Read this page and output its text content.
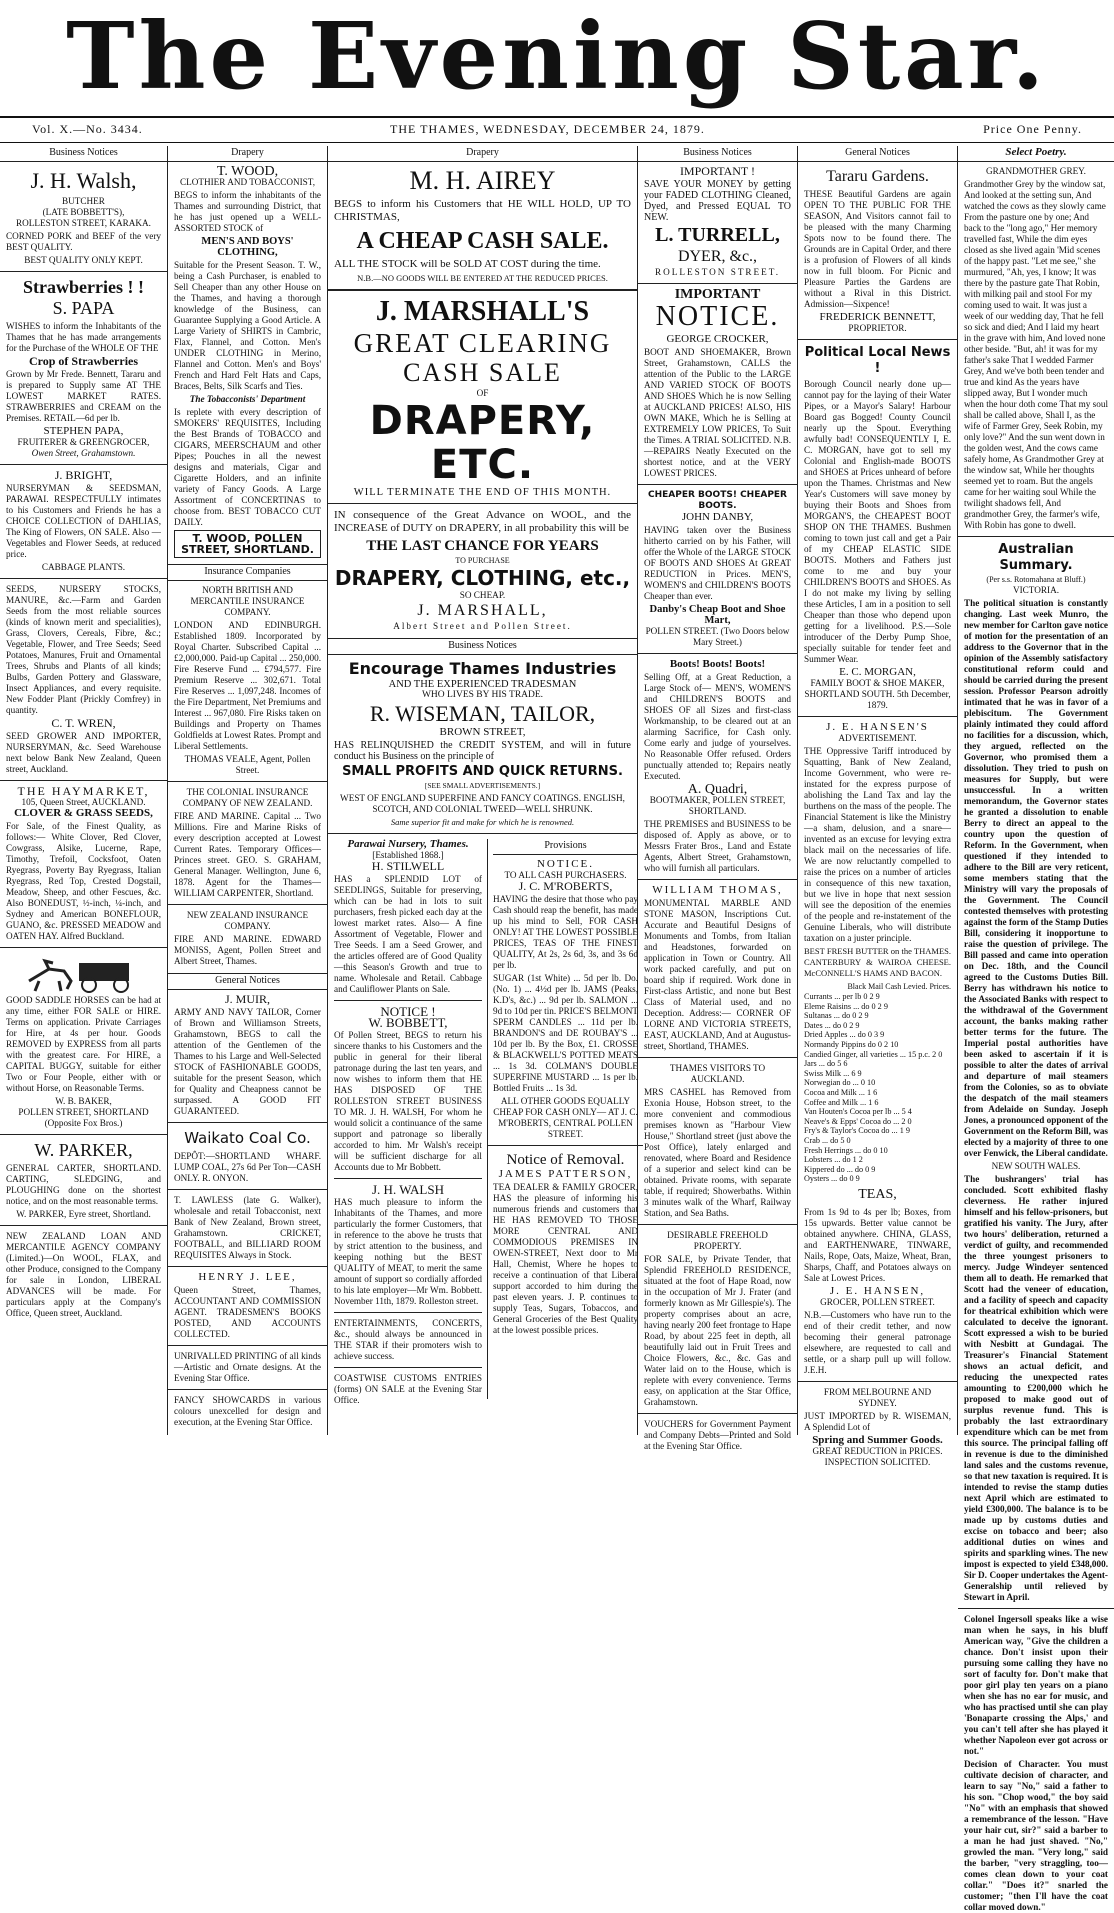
The Evening Star.
Vol. X.—No. 3434.	THE THAMES, WEDNESDAY, DECEMBER 24, 1879.	Price One Penny.
Business Notices
J. H. Walsh,
BUTCHER
(LATE BOBBETT'S),
ROLLESTON STREET, KARAKA.

CORNED PORK and BEEF of the very BEST QUALITY.

BEST QUALITY ONLY KEPT.
Strawberries ! !
S. PAPA

WISHES to inform the Inhabitants of the Thames that he has made arrangements for the Purchase of the WHOLE OF THE

Crop of Strawberries

Grown by Mr Frede. Bennett, Tararu and is prepared to Supply same AT THE LOWEST MARKET RATES. STRAWBERRIES and CREAM on the Premises. RETAIL—6d per lb.

STEPHEN PAPA,
FRUITERER & GREENGROCER,
Owen Street, Grahamstown.
J. BRIGHT,

NURSERYMAN & SEEDSMAN, PARAWAI. RESPECTFULLY intimates to his Customers and Friends he has a CHOICE COLLECTION of DAHLIAS, The King of Flowers, ON SALE. Also — Vegetables and Flower Seeds, at reduced price.

CABBAGE PLANTS.

SEEDS, NURSERY STOCKS, MANURE, &c.—Farm and Garden Seeds from the most reliable sources (kinds of known merit and specialities), Grass, Clovers, Cereals, Fibre, &c.; Vegetable, Flower, and Tree Seeds; Seed Potatoes, Manures, Fruit and Ornamental Trees, Shrubs and Plants of all kinds; Bulbs, Garden Pottery and Glassware, Insect Appliances, and every requisite. New Fodder Plant (Prickly Comfrey) in quantity.

C. T. WREN,

SEED GROWER AND IMPORTER, NURSERYMAN, &c. Seed Warehouse next below Bank New Zealand, Queen street, Auckland.

THE HAYMARKET,
105, Queen Street, AUCKLAND.
CLOVER & GRASS SEEDS,

For Sale, of the Finest Quality, as follows:— White Clover, Red Clover, Cowgrass, Alsike, Lucerne, Rape, Timothy, Trefoil, Cocksfoot, Oaten Ryegrass, Poverty Bay Ryegrass, Italian Ryegrass, Red Top, Crested Dogstail, Meadow, Sheep, and other Fescues, &c. Also BONEDUST, ½-inch, ¼-inch, and Sydney and American BONEFLOUR, GUANO, &c. PRESSED MEADOW and OATEN HAY. Alfred Buckland.

GOOD SADDLE HORSES can be had at any time, either FOR SALE or HIRE. Terms on application. Private Carriages for Hire, at 4s per hour. Goods REMOVED by EXPRESS from all parts with the greatest care. For HIRE, a CAPITAL BUGGY, suitable for either Two or Four People, either with or without Horse, on Reasonable Terms.

W. B. BAKER,
POLLEN STREET, SHORTLAND (Opposite Fox Bros.)
W. PARKER,

GENERAL CARTER, SHORTLAND. CARTING, SLEDGING, and PLOUGHING done on the shortest notice, and on the most reasonable terms.

W. PARKER, Eyre street, Shortland.

NEW ZEALAND LOAN AND MERCANTILE AGENCY COMPANY (Limited.)—On WOOL, FLAX, and other Produce, consigned to the Company for sale in London, LIBERAL ADVANCES will be made. For particulars apply at the Company's Office, Queen street, Auckland.

Drapery
T. WOOD,
CLOTHIER AND TOBACCONIST,

BEGS to inform the inhabitants of the Thames and surrounding District, that he has just opened up a WELL-ASSORTED STOCK of

MEN'S AND BOYS' CLOTHING,

Suitable for the Present Season. T. W., being a Cash Purchaser, is enabled to Sell Cheaper than any other House on the Thames, and having a thorough knowledge of the Business, can Guarantee Supplying a Good Article. A Large Variety of SHIRTS in Cambric, Flax, Flannel, and Cotton. Men's UNDER CLOTHING in Merino, Flannel and Cotton. Men's and Boys' French and Hard Felt Hats and Caps, Braces, Belts, Silk Scarfs and Ties.

The Tobacconists' Department

Is replete with every description of SMOKERS' REQUISITES, Including the Best Brands of TOBACCO and CIGARS, MEERSCHAUM and other Pipes; Pouches in all the newest designs and materials, Cigar and Cigarette Holders, and an infinite variety of Fancy Goods. A Large Assortment of CONCERTINAS to choose from. BEST TOBACCO CUT DAILY.

T. WOOD, POLLEN STREET, SHORTLAND.
Insurance Companies
NORTH BRITISH AND MERCANTILE INSURANCE COMPANY.

LONDON AND EDINBURGH. Established 1809. Incorporated by Royal Charter. Subscribed Capital ... £2,000,000. Paid-up Capital ... 250,000. Fire Reserve Fund ... £794,577. Fire Premium Reserve ... 302,671. Total Fire Reserves ... 1,097,248. Incomes of the Fire Department, Net Premiums and Interest ... 967,080. Fire Risks taken on Buildings and Property on Thames Goldfields at Lowest Rates. Prompt and Liberal Settlements.

THOMAS VEALE, Agent, Pollen Street.
THE COLONIAL INSURANCE COMPANY OF NEW ZEALAND.

FIRE AND MARINE. Capital ... Two Millions. Fire and Marine Risks of every description accepted at Lowest Current Rates. Temporary Offices—Princes street. GEO. S. GRAHAM, General Manager. Wellington, June 6, 1878. Agent for the Thames— WILLIAM CARPENTER, Shortland.

NEW ZEALAND INSURANCE COMPANY.

FIRE AND MARINE. EDWARD MONISS, Agent, Pollen Street and Albert Street, Thames.

General Notices
J. MUIR,

ARMY AND NAVY TAILOR, Corner of Brown and Williamson Streets, Grahamstown, BEGS to call the attention of the Gentlemen of the Thames to his Large and Well-Selected STOCK of FASHIONABLE GOODS, suitable for the present Season, which for Quality and Cheapness cannot be surpassed. A GOOD FIT GUARANTEED.

Waikato Coal Co.

DEPÔT:—SHORTLAND WHARF. LUMP COAL, 27s 6d Per Ton—CASH ONLY. R. ONYON.

T. LAWLESS (late G. Walker), wholesale and retail Tobacconist, next Bank of New Zealand, Brown street, Grahamstown. CRICKET, FOOTBALL, and BILLIARD ROOM REQUISITES Always in Stock.

HENRY J. LEE,

Queen Street, Thames, ACCOUNTANT AND COMMISSION AGENT. TRADESMEN'S BOOKS POSTED, AND ACCOUNTS COLLECTED.

UNRIVALLED PRINTING of all kinds—Artistic and Ornate designs. At the Evening Star Office.

FANCY SHOWCARDS in various colours unexcelled for design and execution, at the Evening Star Office.

Drapery
M. H. AIREY

BEGS to inform his Customers that HE WILL HOLD, UP TO CHRISTMAS,

A CHEAP CASH SALE.

ALL THE STOCK will be SOLD AT COST during the time.

N.B.—NO GOODS WILL BE ENTERED AT THE REDUCED PRICES.
J. MARSHALL'S
GREAT CLEARING
CASH SALE
OF
DRAPERY, ETC.
WILL TERMINATE THE END OF THIS MONTH.

IN consequence of the Great Advance on WOOL, and the INCREASE of DUTY on DRAPERY, in all probability this will be

THE LAST CHANCE FOR YEARS
TO PURCHASE
DRAPERY, CLOTHING, etc.,
SO CHEAP.
J. MARSHALL,
Albert Street and Pollen Street.
Business Notices
Encourage Thames Industries
AND THE EXPERIENCED TRADESMAN
WHO LIVES BY HIS TRADE.
R. WISEMAN, TAILOR,
BROWN STREET,

HAS RELINQUISHED the CREDIT SYSTEM, and will in future conduct his Business on the principle of

SMALL PROFITS AND QUICK RETURNS.
[SEE SMALL ADVERTISEMENTS.]

WEST OF ENGLAND SUPERFINE AND FANCY COATINGS. ENGLISH, SCOTCH, AND COLONIAL TWEED—WELL SHRUNK.

Same superior fit and make for which he is renowned.
Parawai Nursery, Thames.
[Established 1868.]
H. STILWELL

HAS a SPLENDID LOT of SEEDLINGS, Suitable for preserving, which can be had in lots to suit purchasers, fresh picked each day at the lowest market rates. Also— A fine Assortment of Vegetable, Flower and Tree Seeds. I am a Seed Grower, and the articles offered are of Good Quality—this Season's Growth and true to name. Wholesale and Retail. Cabbage and Cauliflower Plants on Sale.

NOTICE !
W. BOBBETT,

Of Pollen Street, BEGS to return his sincere thanks to his Customers and the public in general for their liberal patronage during the last ten years, and now wishes to inform them that HE HAS DISPOSED OF THE ROLLESTON STREET BUSINESS TO MR. J. H. WALSH, For whom he would solicit a continuance of the same support and patronage so liberally accorded to him. Mr Walsh's receipt will be sufficient discharge for all Accounts due to Mr Bobbett.

J. H. WALSH

HAS much pleasure to inform the Inhabitants of the Thames, and more particularly the former Customers, that in reference to the above he trusts that by strict attention to the business, and keeping nothing but the BEST QUALITY of MEAT, to merit the same amount of support so cordially afforded to his late employer—Mr Wm. Bobbett. November 11th, 1879. Rolleston street.

ENTERTAINMENTS, CONCERTS, &c., should always be announced in THE STAR if their promoters wish to achieve success.

COASTWISE CUSTOMS ENTRIES (forms) ON SALE at the Evening Star Office.

Provisions
NOTICE.
TO ALL CASH PURCHASERS.
J. C. M'ROBERTS,

HAVING the desire that those who pay Cash should reap the benefit, has made up his mind to Sell, FOR CASH ONLY! AT THE LOWEST POSSIBLE PRICES, TEAS OF THE FINEST QUALITY, At 2s, 2s 6d, 3s, and 3s 6d per lb.

SUGAR (1st White) ... 5d per lb. Do. (No. 1) ... 4½d per lb. JAMS (Peaks, K.D's, &c.) ... 9d per lb. SALMON ... 9d to 10d per tin. PRICE'S BELMONT SPERM CANDLES ... 11d per lb. BRANDON'S and DE ROUBAY'S ... 10d per lb. By the Box, £1. CROSSE & BLACKWELL'S POTTED MEATS ... 1s 3d. COLMAN'S DOUBLE SUPERFINE MUSTARD ... 1s per lb. Bottled Fruits ... 1s 3d.

ALL OTHER GOODS EQUALLY CHEAP FOR CASH ONLY— AT J. C. M'ROBERTS, CENTRAL POLLEN STREET.

Notice of Removal.
JAMES PATTERSON,

TEA DEALER & FAMILY GROCER, HAS the pleasure of informing his numerous friends and customers that HE HAS REMOVED TO THOSE MORE CENTRAL AND COMMODIOUS PREMISES IN OWEN-STREET, Next door to Mr Hall, Chemist, Where he hopes to receive a continuation of that Liberal support accorded to him during the past eleven years. J. P. continues to supply Teas, Sugars, Tobaccos, and General Groceries of the Best Quality at the lowest possible prices.

Business Notices
IMPORTANT !

SAVE YOUR MONEY by getting your FADED CLOTHING Cleaned, Dyed, and Pressed EQUAL TO NEW.

L. TURRELL,
DYER, &c.,
ROLLESTON STREET.
IMPORTANT
NOTICE.
GEORGE CROCKER,

BOOT AND SHOEMAKER, Brown Street, Grahamstown, CALLS the attention of the Public to the LARGE AND VARIED STOCK OF BOOTS AND SHOES Which he is now Selling at AUCKLAND PRICES! ALSO, HIS OWN MAKE, Which he is Selling at EXTREMELY LOW PRICES, To Suit the Times. A TRIAL SOLICITED. N.B.—REPAIRS Neatly Executed on the shortest notice, and at the VERY LOWEST PRICES.

CHEAPER BOOTS! CHEAPER BOOTS.
JOHN DANBY,

HAVING taken over the Business hitherto carried on by his Father, will offer the Whole of the LARGE STOCK OF BOOTS AND SHOES At GREAT REDUCTION in Prices. MEN'S, WOMEN'S and CHILDREN'S BOOTS Cheaper than ever.

Danby's Cheap Boot and Shoe Mart,
POLLEN STREET. (Two Doors below Mary Street.)
Boots! Boots! Boots!

Selling Off, at a Great Reduction, a Large Stock of— MEN'S, WOMEN'S and CHILDREN'S BOOTS and SHOES OF all Sizes and first-class Workmanship, to be cleared out at an alarming Sacrifice, for Cash only. Come early and judge of yourselves. No Reasonable Offer refused. Orders punctually attended to; Repairs neatly Executed.

A. Quadri,
BOOTMAKER, POLLEN STREET, SHORTLAND.

THE PREMISES and BUSINESS to be disposed of. Apply as above, or to Messrs Frater Bros., Land and Estate Agents, Albert Street, Grahamstown, who will furnish all particulars.

WILLIAM THOMAS,

MONUMENTAL MARBLE AND STONE MASON, Inscriptions Cut. Accurate and Beautiful Designs of Monuments and Tombs, from Italian and Headstones, forwarded on application in Town or Country. All work packed carefully, and put on board ship if required. Work done in First-class Artistic, and none but Best Class of Material used, and no Deception. Address:— CORNER OF LORNE AND VICTORIA STREETS, EAST, AUCKLAND, And at Augustus-street, Shortland, THAMES.

THAMES VISITORS TO AUCKLAND.

MRS CASHEL has Removed from Exonia House, Hobson street, to the more convenient and commodious premises known as "Harbour View House," Shortland street (just above the Post Office), lately enlarged and renovated, where Board and Residence of a superior and select kind can be obtained. Private rooms, with separate table, if required; Showerbaths. Within 3 minutes walk of the Wharf, Railway Station, and Sea Baths.

DESIRABLE FREEHOLD PROPERTY.

FOR SALE, by Private Tender, that Splendid FREEHOLD RESIDENCE, situated at the foot of Hape Road, now in the occupation of Mr J. Frater (and formerly known as Mr Gillespie's). The property comprises about an acre, having nearly 200 feet frontage to Hape Road, by about 225 feet in depth, all beautifully laid out in Fruit Trees and Choice Flowers, &c., &c. Gas and Water laid on to the House, which is replete with every convenience. Terms easy, on application at the Star Office, Grahamstown.

VOUCHERS for Government Payment and Company Debts—Printed and Sold at the Evening Star Office.

General Notices
Tararu Gardens.

THESE Beautiful Gardens are again OPEN TO THE PUBLIC FOR THE SEASON, And Visitors cannot fail to be pleased with the many Charming Spots now to be found there. The Grounds are in Capital Order, and there is a profusion of Flowers of all kinds now in full bloom. For Picnic and Pleasure Parties the Gardens are without a Rival in this District. Admission—Sixpence!

FREDERICK BENNETT,
PROPRIETOR.
Political Local News !

Borough Council nearly done up—cannot pay for the laying of their Water Pipes, or a Mayor's Salary! Harbour Board gas Bogged! County Council nearly up the Spout. Everything awfully bad! CONSEQUENTLY I, E. C. MORGAN, have got to sell my Colonial and English-made BOOTS and SHOES at Prices unheard of before upon the Thames. Christmas and New Year's Customers will save money by buying their Boots and Shoes from MORGAN'S, the CHEAPEST BOOT SHOP ON THE THAMES. Bushmen coming to town just call and get a Pair of my CHEAP ELASTIC SIDE BOOTS. Mothers and Fathers just come to me and buy your CHILDREN'S BOOTS and SHOES. As I do not make my living by selling these Articles, I am in a position to sell Cheaper than those who depend upon getting for a livelihood. P.S.—Sole introducer of the Derby Pump Shoe, specially suitable for tender feet and Summer Wear.

E. C. MORGAN,
FAMILY BOOT & SHOE MAKER, SHORTLAND SOUTH. 5th December, 1879.
J. E. HANSEN'S
ADVERTISEMENT.

THE Oppressive Tariff introduced by Squatting, Bank of New Zealand, Income Government, who were re-instated for the express purpose of abolishing the Land Tax and lay the burthens on the mass of the people. The Financial Statement is like the Ministry—a sham, delusion, and a snare—invented as an excuse for levying extra black mail on the necessaries of life. We are now reluctantly compelled to raise the prices on a number of articles in consequence of this new taxation, but we live in hope that next session will see the deposition of the enemies of the people and re-instatement of the Genuine Liberals, who will distribute taxation on a juster principle.

BEST FRESH BUTTER on the THAMES. CANTERBURY & WAIROA CHEESE. McCONNELL'S HAMS AND BACON.

Black Mail Cash Levied. Prices.
Currants ... per lb 0 2 9
Eleme Raisins ... do 0 2 9
Sultanas ... do 0 2 9
Dates ... do 0 2 9
Dried Apples ... do 0 3 9
Normandy Pippins do 0 2 10
Candied Ginger, all varieties ... 15 p.c. 2 0
Jars ... do 5 6
Swiss Milk ... 6 9
Norwegian do ... 0 10
Cocoa and Milk ... 1 6
Coffee and Milk ... 1 6
Van Houten's Cocoa per lb ... 5 4
Neave's & Epps' Cocoa do ... 2 0
Fry's & Taylor's Cocoa do ... 1 9
Crab ... do 5 0
Fresh Herrings ... do 0 10
Lobsters ... do 1 2
Kippered do ... do 0 9
Oysters ... do 0 9
TEAS,

From 1s 9d to 4s per lb; Boxes, from 15s upwards. Better value cannot be obtained anywhere. CHINA, GLASS, and EARTHENWARE, TINWARE, Nails, Rope, Oats, Maize, Wheat, Bran, Sharps, Chaff, and Potatoes always on Sale at Lowest Prices.

J. E. HANSEN,
GROCER, POLLEN STREET.

N.B.—Customers who have run to the end of their credit tether, and now becoming their general patronage elsewhere, are requested to call and settle, or a sharp pull up will follow. J.E.H.

FROM MELBOURNE AND SYDNEY.

JUST IMPORTED by R. WISEMAN, A Splendid Lot of

Spring and Summer Goods.
GREAT REDUCTION in PRICES. INSPECTION SOLICITED.
Select Poetry.
GRANDMOTHER GREY.

Grandmother Grey by the window sat, And looked at the setting sun, And watched the cows as they slowly came From the pasture one by one; And back to the "long ago," Her memory travelled fast, While the dim eyes closed as she lived again 'Mid scenes of the happy past. "Let me see," she murmured, "Ah, yes, I know; It was there by the pasture gate That Robin, with milking pail and stool For my coming used to wait. It was just a week of our wedding day, That he fell so sick and died; And I laid my heart in the grave with him, And loved none other beside. "But, ah! it was for my father's sake That I wedded Farmer Grey, And we've both been tender and true and kind As the years have slipped away, But I wonder much when the hour doth come That my soul shall be called above, Shall I, as the wife of Farmer Grey, Seek Robin, my only love?" And the sun went down in the golden west, And the cows came safely home, As Grandmother Grey at the window sat, While her thoughts seemed yet to roam. But the angels came for her waiting soul While the twilight shadows fell, And grandmother Grey, the farmer's wife, With Robin has gone to dwell.

Australian Summary.
(Per s.s. Rotomahana at Bluff.)
VICTORIA.

The political situation is constantly changing. Last week Munro, the new member for Carlton gave notice of motion for the presentation of an address to the Governor that in the opinion of the Assembly satisfactory constitutional reform could and should be carried during the present session. Professor Pearson adroitly intimated that he was in favor of a plebiscitum. The Government plainly intimated they could afford no facilities for a discussion, which, they argued, reflected on the Governor, who promised them a dissolution. They tried to push on measures for Supply, but were unsuccessful. In a written memorandum, the Governor states he granted a dissolution to enable Berry to direct an appeal to the country upon the question of Reform. In the Government, when questioned if they intended to adhere to the Bill are very reticent, some members stating that the Ministry will vary the proposals of the Government. The Council contested themselves with protesting against the form of the Stamp Duties Bill, considering it inopportune to raise the question of privilege. The Bill passed and came into operation on Dec. 18th, and the Council agreed to the Customs Duties Bill. Berry has withdrawn his notice to the Associated Banks with respect to the withdrawal of the Government account, the banks making rather better terms for the future. The Imperial postal authorities have been asked to ascertain if it is possible to alter the dates of arrival and departure of mail steamers from the Colonies, so as to obviate the despatch of the mail steamers from Adelaide on Sunday. Joseph Jones, a pronounced opponent of the Government on the Reform Bill, was elected by a majority of three to one over Fenwick, the Liberal candidate.

NEW SOUTH WALES.

The bushrangers' trial has concluded. Scott exhibited flashy cleverness. He rather injured himself and his fellow-prisoners, but gratified his vanity. The Jury, after two hours' deliberation, returned a verdict of guilty, and recommended the three youngest prisoners to mercy. Judge Windeyer sentenced them all to death. He remarked that Scott had the veneer of education, and a facility of speech and capacity for theatrical exhibition which were calculated to deceive the ignorant. Scott expressed a wish to be buried with Nesbitt at Gundagai. The Treasurer's Financial Statement shows an actual deficit, and reducing the unexpected rates amounting to £200,000 which he proposed to make good out of surplus revenue fund. This is probably the last extraordinary expenditure which can be met from this source. The principal falling off in revenue is due to the diminished land sales and the customs revenue, so that new taxation is required. It is intended to revise the stamp duties next April which are estimated to yield £300,000. The balance is to be made up by customs duties and excise on tobacco and beer; also additional duties on wines and spirits and sparkling wines. The new impost is expected to yield £348,000. Sir D. Cooper undertakes the Agent-Generalship until relieved by Stewart in April.

Colonel Ingersoll speaks like a wise man when he says, in his bluff American way, "Give the children a chance. Don't insist upon their pursuing some calling they have no sort of faculty for. Don't make that poor girl play ten years on a piano when she has no ear for music, and who has practised until she can play 'Bonaparte crossing the Alps,' and you can't tell after she has played it whether Napoleon ever got across or not."

Decision of Character. You must cultivate decision of character, and learn to say "No," said a father to his son. "Chop wood," the boy said "No" with an emphasis that showed a remembrance of the lesson. "Have your hair cut, sir?" said a barber to a man he had just shaved. "No," growled the man. "Very long," said the barber, "very straggling, too—comes clean down to your coat collar." "Does it?" snarled the customer; "then I'll have the coat collar moved down."
